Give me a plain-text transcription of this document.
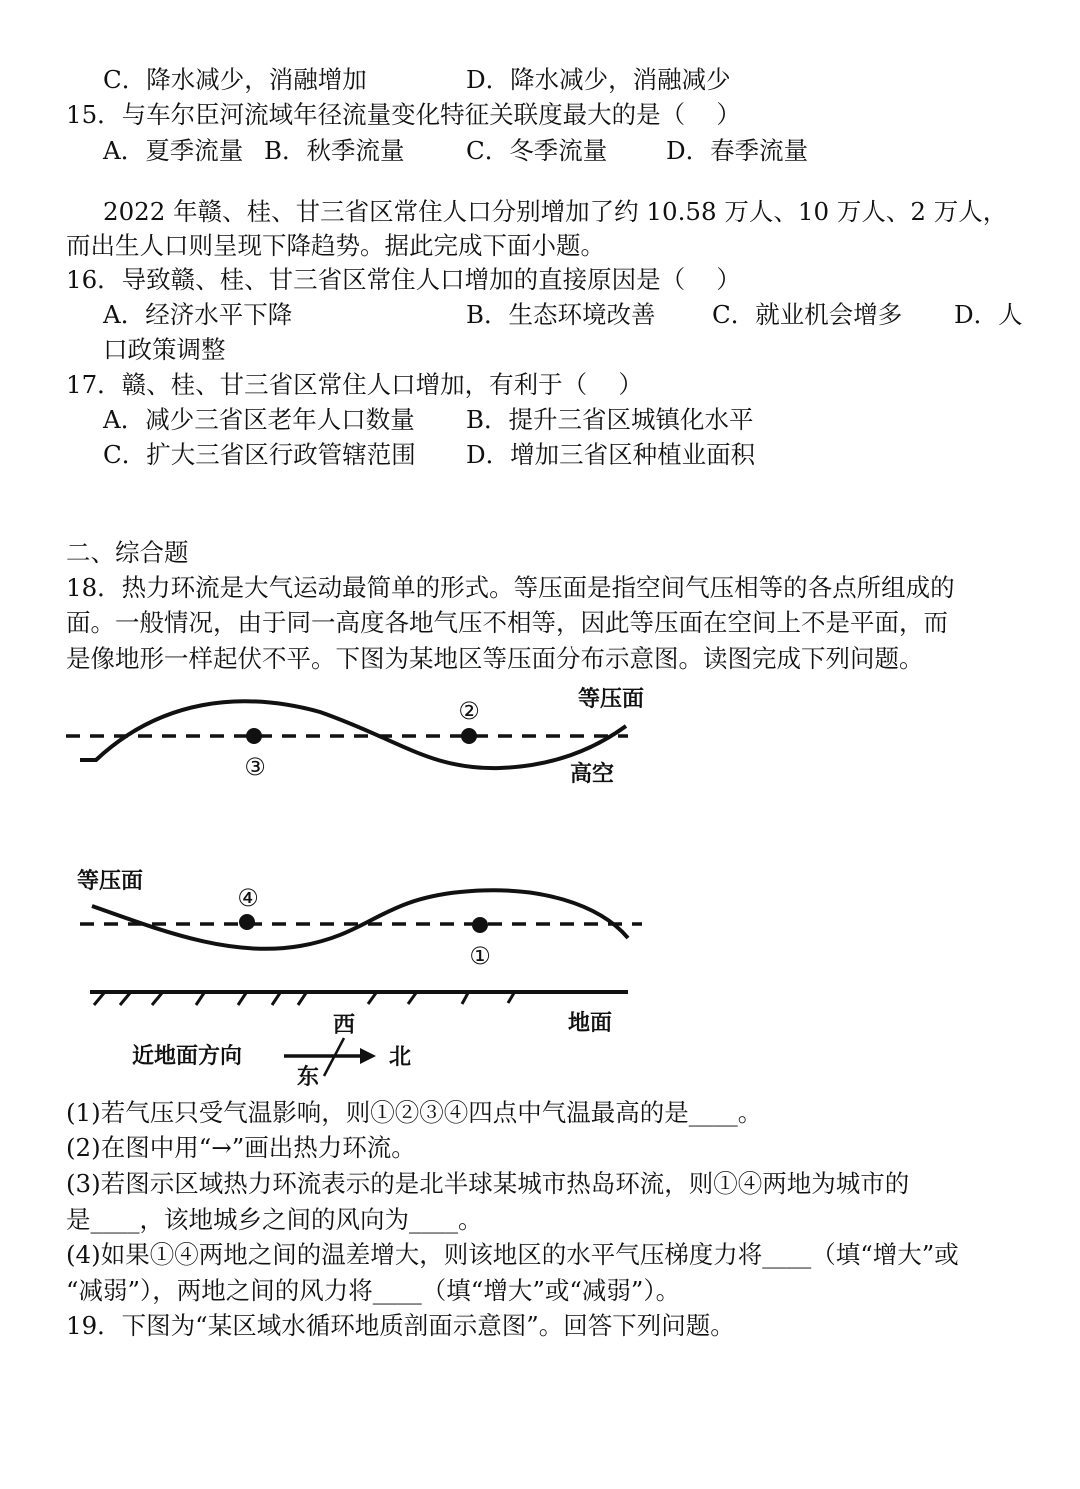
C．降水减少，消融增加	D．降水减少，消融减少
15．与车尔臣河流域年径流量变化特征关联度最大的是（    ）
A．夏季流量 B．秋季流量	C．冬季流量 D．春季流量
2022 年赣、桂、甘三省区常住人口分别增加了约 10.58 万人、10 万人、2 万人，
而出生人口则呈现下降趋势。据此完成下面小题。
16．导致赣、桂、甘三省区常住人口增加的直接原因是（    ）
A．经济水平下降	B．生态环境改善 C．就业机会增多 D．人
口政策调整
17．赣、桂、甘三省区常住人口增加，有利于（    ）
A．减少三省区老年人口数量 B．提升三省区城镇化水平
C．扩大三省区行政管辖范围 D．增加三省区种植业面积
二、综合题
18．热力环流是大气运动最简单的形式。等压面是指空间气压相等的各点所组成的
面。一般情况，由于同一高度各地气压不相等，因此等压面在空间上不是平面，而
是像地形一样起伏不平。下图为某地区等压面分布示意图。读图完成下列问题。
③
②	等压面
高空
等压面
④
①
地面
近地面方向
西
东
北
(1)若气压只受气温影响，则①②③④四点中气温最高的是____。
(2)在图中用“→”画出热力环流。
(3)若图示区域热力环流表示的是北半球某城市热岛环流，则①④两地为城市的
是____，该地城乡之间的风向为____。
(4)如果①④两地之间的温差增大，则该地区的水平气压梯度力将____（填“增大”或
“减弱”），两地之间的风力将____（填“增大”或“减弱”）。
19．下图为“某区域水循环地质剖面示意图”。回答下列问题。
